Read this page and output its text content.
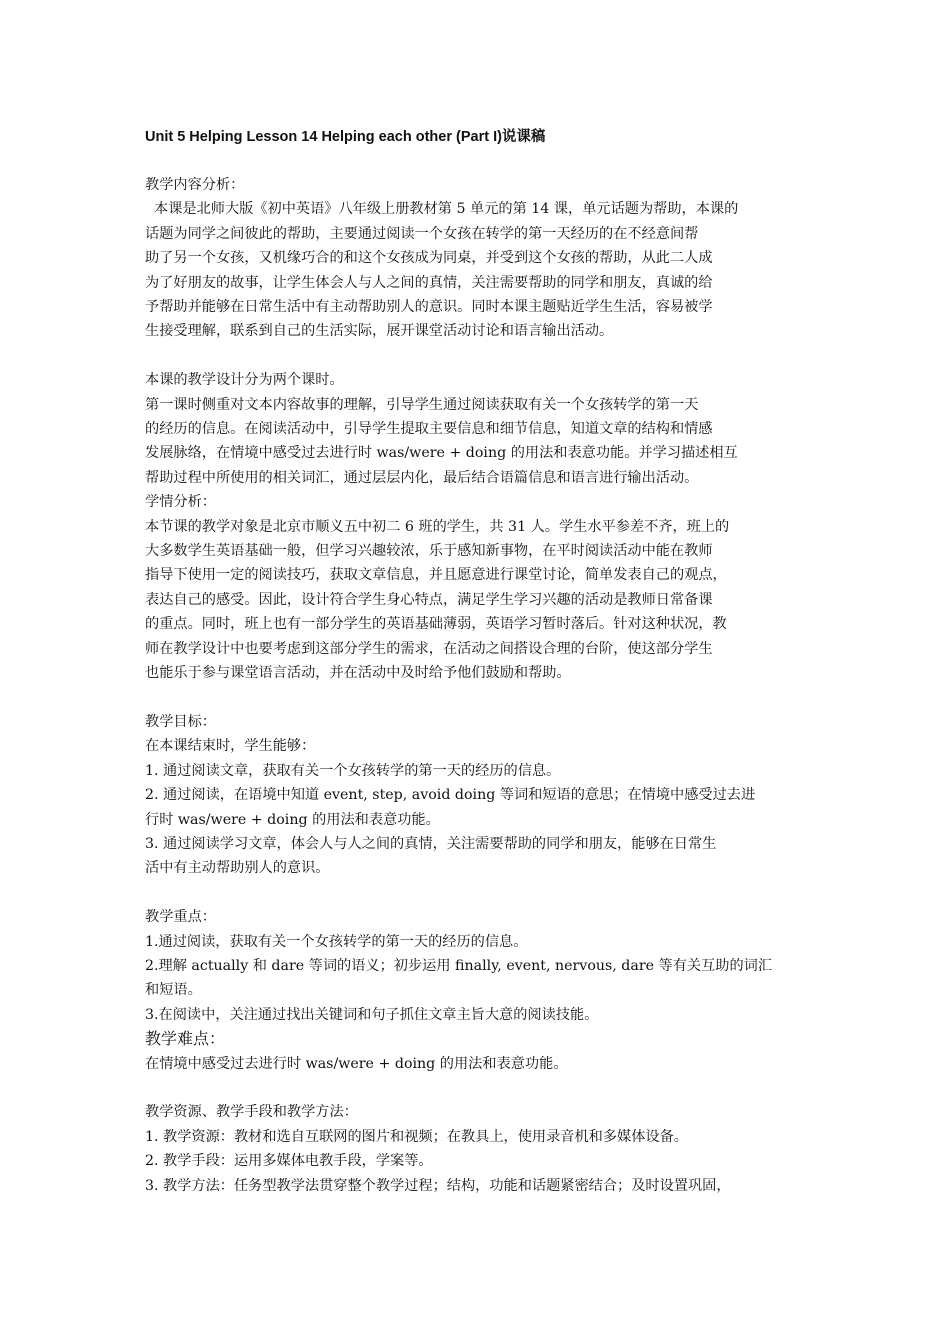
Unit 5 Helping Lesson 14 Helping each other (Part I)说课稿
教学内容分析：
本课是北师大版《初中英语》八年级上册教材第 5 单元的第 14 课，单元话题为帮助，本课的
话题为同学之间彼此的帮助，主要通过阅读一个女孩在转学的第一天经历的在不经意间帮
助了另一个女孩，又机缘巧合的和这个女孩成为同桌，并受到这个女孩的帮助，从此二人成
为了好朋友的故事，让学生体会人与人之间的真情，关注需要帮助的同学和朋友，真诚的给
予帮助并能够在日常生活中有主动帮助别人的意识。同时本课主题贴近学生生活，容易被学
生接受理解，联系到自己的生活实际，展开课堂活动讨论和语言输出活动。
本课的教学设计分为两个课时。
第一课时侧重对文本内容故事的理解，引导学生通过阅读获取有关一个女孩转学的第一天
的经历的信息。在阅读活动中，引导学生提取主要信息和细节信息，知道文章的结构和情感
发展脉络，在情境中感受过去进行时 was/were + doing 的用法和表意功能。并学习描述相互
帮助过程中所使用的相关词汇，通过层层内化，最后结合语篇信息和语言进行输出活动。
学情分析：
本节课的教学对象是北京市顺义五中初二 6 班的学生，共 31 人。学生水平参差不齐，班上的
大多数学生英语基础一般，但学习兴趣较浓，乐于感知新事物，在平时阅读活动中能在教师
指导下使用一定的阅读技巧，获取文章信息，并且愿意进行课堂讨论，简单发表自己的观点，
表达自己的感受。因此，设计符合学生身心特点，满足学生学习兴趣的活动是教师日常备课
的重点。同时，班上也有一部分学生的英语基础薄弱，英语学习暂时落后。针对这种状况，教
师在教学设计中也要考虑到这部分学生的需求，在活动之间搭设合理的台阶，使这部分学生
也能乐于参与课堂语言活动，并在活动中及时给予他们鼓励和帮助。
教学目标：
在本课结束时，学生能够：
1. 通过阅读文章，获取有关一个女孩转学的第一天的经历的信息。
2. 通过阅读，在语境中知道 event, step, avoid doing 等词和短语的意思；在情境中感受过去进
行时 was/were + doing 的用法和表意功能。
3. 通过阅读学习文章，体会人与人之间的真情，关注需要帮助的同学和朋友，能够在日常生
活中有主动帮助别人的意识。
教学重点：
1.通过阅读，获取有关一个女孩转学的第一天的经历的信息。
2.理解 actually 和 dare 等词的语义；初步运用 finally, event, nervous, dare 等有关互助的词汇
和短语。
3.在阅读中，关注通过找出关键词和句子抓住文章主旨大意的阅读技能。
教学难点：
在情境中感受过去进行时 was/were + doing 的用法和表意功能。
教学资源、教学手段和教学方法：
1. 教学资源：教材和选自互联网的图片和视频；在教具上，使用录音机和多媒体设备。
2. 教学手段：运用多媒体电教手段，学案等。
3. 教学方法：任务型教学法贯穿整个教学过程；结构，功能和话题紧密结合；及时设置巩固，
